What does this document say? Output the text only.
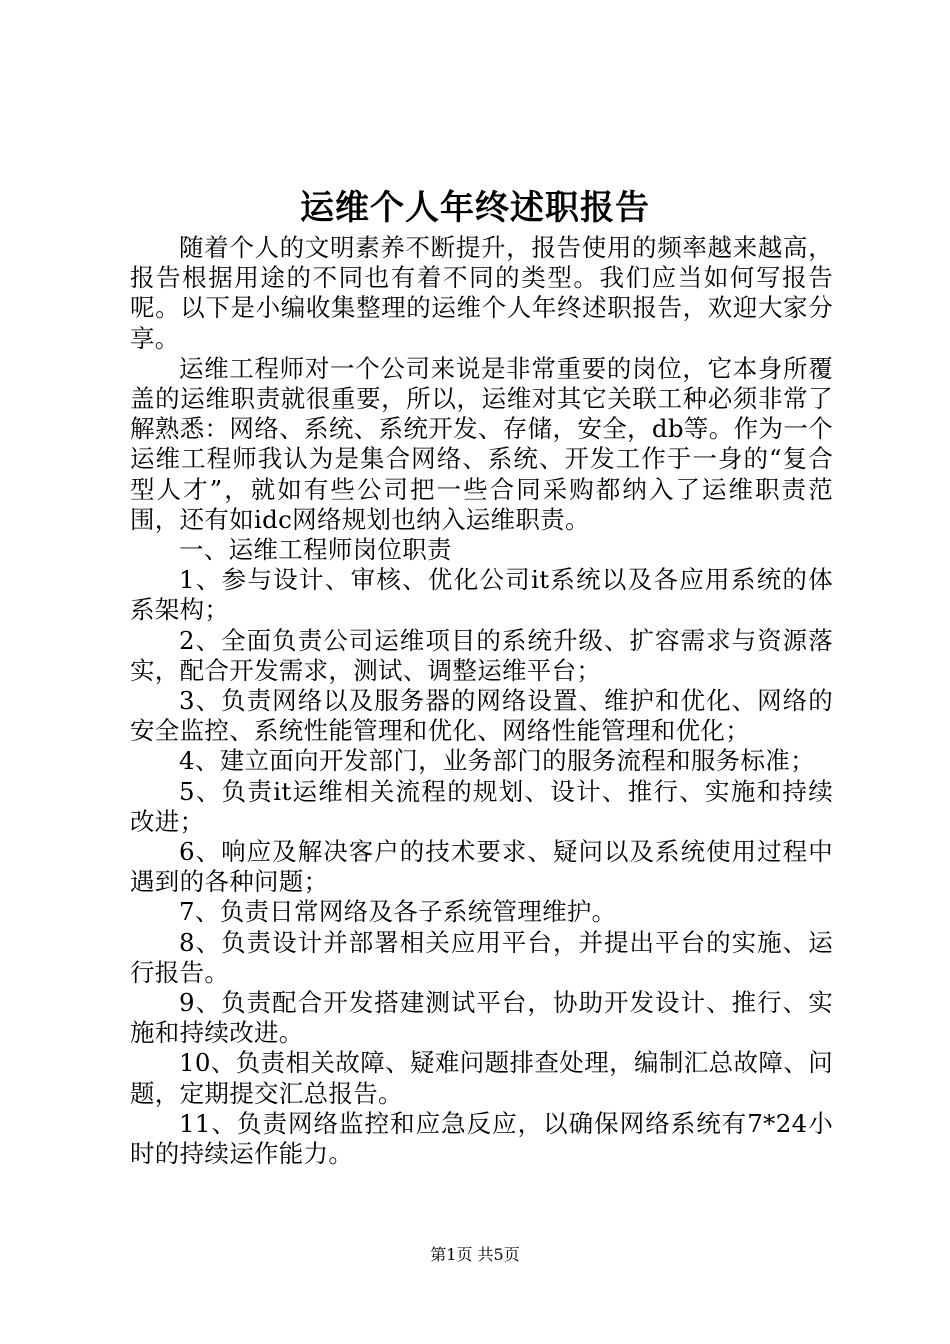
运维个人年终述职报告

随着个人的文明素养不断提升，报告使用的频率越来越高，报告根据用途的不同也有着不同的类型。我们应当如何写报告呢。以下是小编收集整理的运维个人年终述职报告，欢迎大家分享。

运维工程师对一个公司来说是非常重要的岗位，它本身所覆盖的运维职责就很重要，所以，运维对其它关联工种必须非常了解熟悉：网络、系统、系统开发、存储，安全，db等。作为一个运维工程师我认为是集合网络、系统、开发工作于一身的“复合型人才”，就如有些公司把一些合同采购都纳入了运维职责范围，还有如idc网络规划也纳入运维职责。

一、运维工程师岗位职责

1、参与设计、审核、优化公司it系统以及各应用系统的体系架构；

2、全面负责公司运维项目的系统升级、扩容需求与资源落实，配合开发需求，测试、调整运维平台；

3、负责网络以及服务器的网络设置、维护和优化、网络的安全监控、系统性能管理和优化、网络性能管理和优化；

4、建立面向开发部门，业务部门的服务流程和服务标准；

5、负责it运维相关流程的规划、设计、推行、实施和持续改进；

6、响应及解决客户的技术要求、疑问以及系统使用过程中遇到的各种问题；

7、负责日常网络及各子系统管理维护。

8、负责设计并部署相关应用平台，并提出平台的实施、运行报告。

9、负责配合开发搭建测试平台，协助开发设计、推行、实施和持续改进。

10、负责相关故障、疑难问题排查处理，编制汇总故障、问题，定期提交汇总报告。

11、负责网络监控和应急反应，以确保网络系统有7*24小时的持续运作能力。

第1页 共5页
